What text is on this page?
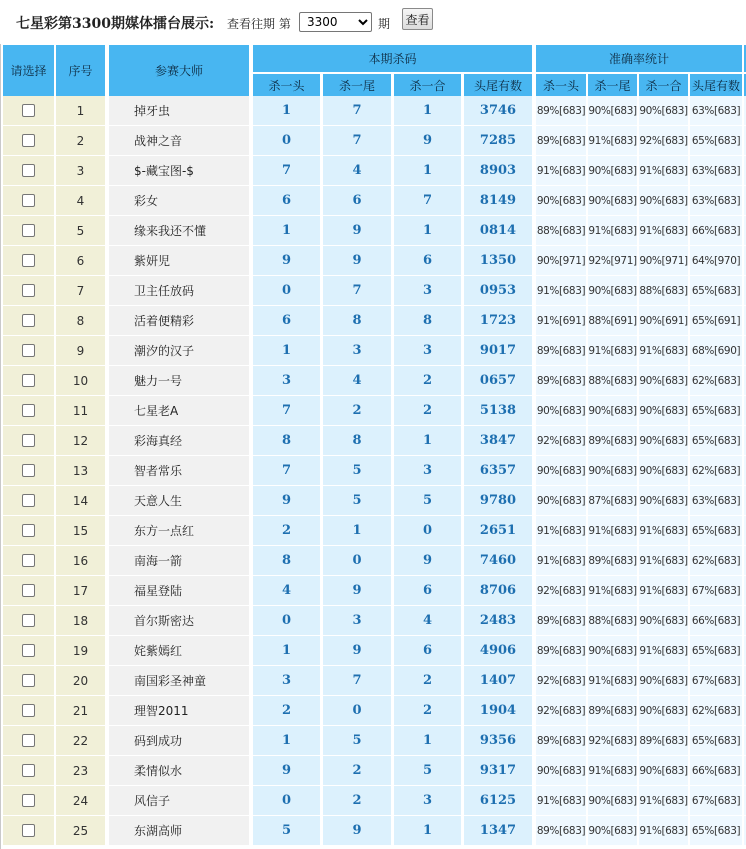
七星彩第3300期媒体擂台展示: 查看往期 第
3300	期 查看
请选择	序号	参赛大师
本期杀码	准确率统计
杀一头	杀一尾	杀一合	头尾有数	杀一头	杀一尾	杀一合 头尾有数
1	掉牙虫	1	7	1	3746	89%[683] 90%[683] 90%[683] 63%[683]
2	战神之音	0	7	9	7285	89%[683] 91%[683] 92%[683] 65%[683]
3	$-藏宝图-$	7	4	1	8903	91%[683] 90%[683] 91%[683] 63%[683]
4	彩女	6	6	7	8149	90%[683] 90%[683] 90%[683] 63%[683]
5	缘来我还不懂	1	9	1	0814	88%[683] 91%[683] 91%[683] 66%[683]
6	紫妍児	9	9	6	1350	90%[971] 92%[971] 90%[971] 64%[970]
7	卫主任放码	0	7	3	0953	91%[683] 90%[683] 88%[683] 65%[683]
8	活着便精彩	6	8	8	1723	91%[691] 88%[691] 90%[691] 65%[691]
9	潮汐的汉子	1	3	3	9017	89%[683] 91%[683] 91%[683] 68%[690]
10	魅力一号	3	4	2	0657	89%[683] 88%[683] 90%[683] 62%[683]
11	七星老A	7	2	2	5138	90%[683] 90%[683] 90%[683] 65%[683]
12	彩海真经	8	8	1	3847	92%[683] 89%[683] 90%[683] 65%[683]
13	智者常乐	7	5	3	6357	90%[683] 90%[683] 90%[683] 62%[683]
14	天意人生	9	5	5	9780	90%[683] 87%[683] 90%[683] 63%[683]
15	东方一点红	2	1	0	2651	91%[683] 91%[683] 91%[683] 65%[683]
16	南海一箭	8	0	9	7460	91%[683] 89%[683] 91%[683] 62%[683]
17	福星登陆	4	9	6	8706	92%[683] 91%[683] 91%[683] 67%[683]
18	首尔斯密达	0	3	4	2483	89%[683] 88%[683] 90%[683] 66%[683]
19	姹紫嫣红	1	9	6	4906	89%[683] 90%[683] 91%[683] 65%[683]
20	南国彩圣神童	3	7	2	1407	92%[683] 91%[683] 90%[683] 67%[683]
21	理智2011	2	0	2	1904	92%[683] 89%[683] 90%[683] 62%[683]
22	码到成功	1	5	1	9356	89%[683] 92%[683] 89%[683] 65%[683]
23	柔情似水	9	2	5	9317	90%[683] 91%[683] 90%[683] 66%[683]
24	风信子	0	2	3	6125	91%[683] 90%[683] 91%[683] 67%[683]
25	东湖高师	5	9	1	1347	89%[683] 90%[683] 91%[683] 65%[683]
